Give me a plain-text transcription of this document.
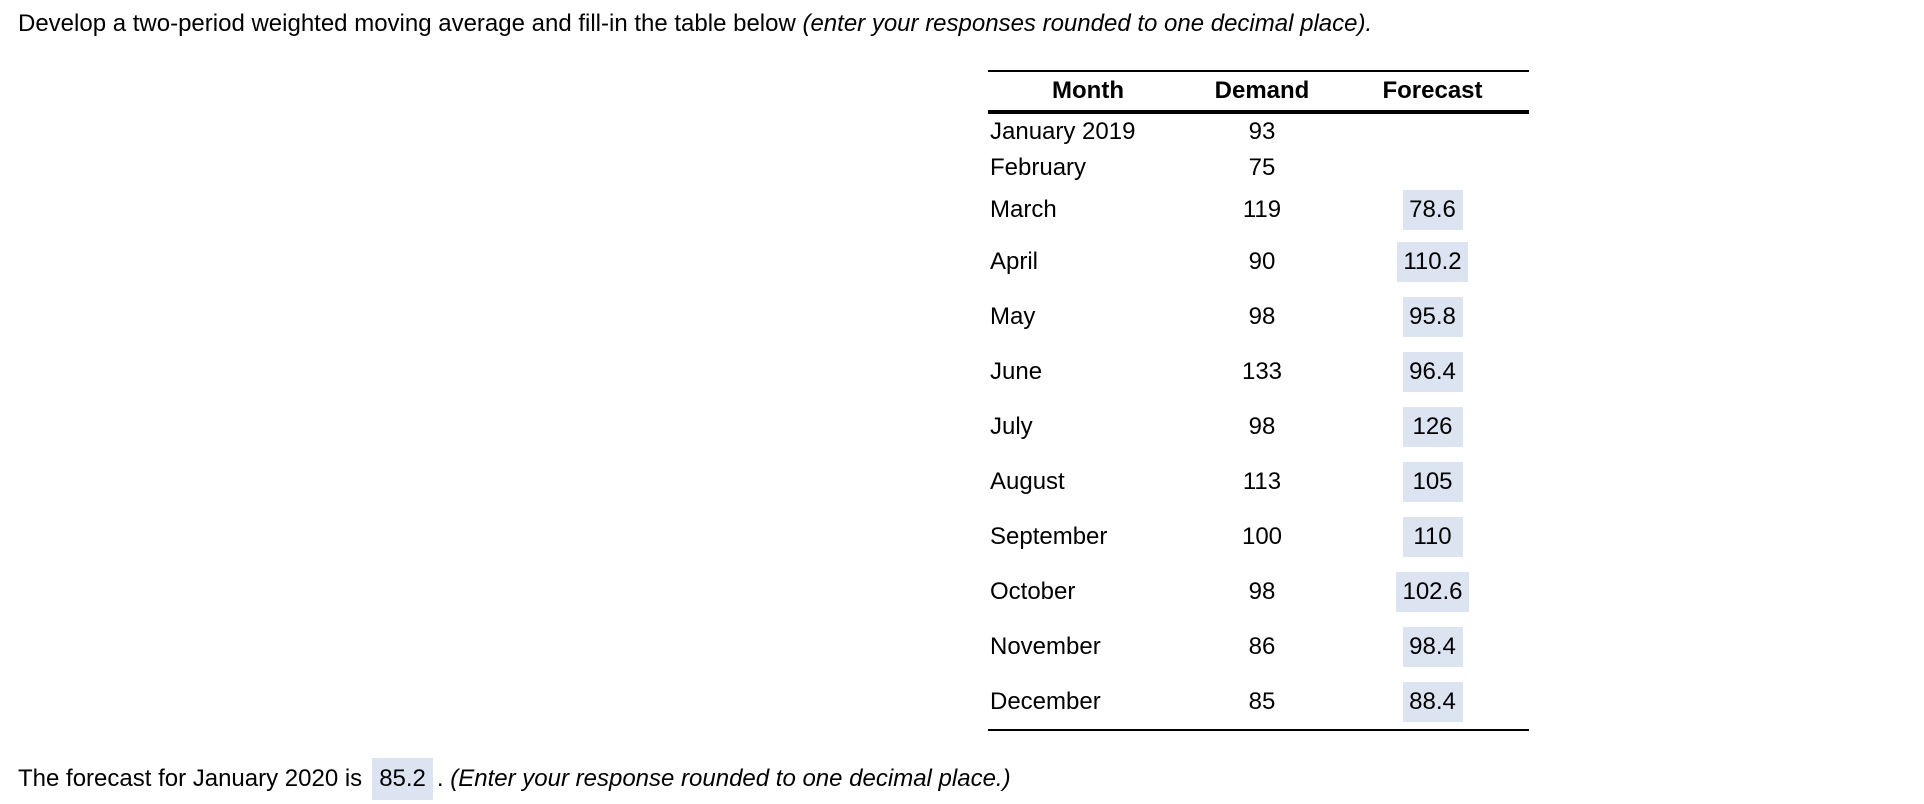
Develop a two-period weighted moving average and fill-in the table below (enter your responses rounded to one decimal place).
Month	Demand	Forecast
January 2019	93
February	75
March	119	78.6
April	90	110.2
May	98	95.8
June	133	96.4
July	98	126
August	113	105
September	100	110
October	98	102.6
November	86	98.4
December	85	88.4
The forecast for January 2020 is 85.2 .
(Enter your response rounded to one decimal place.)
